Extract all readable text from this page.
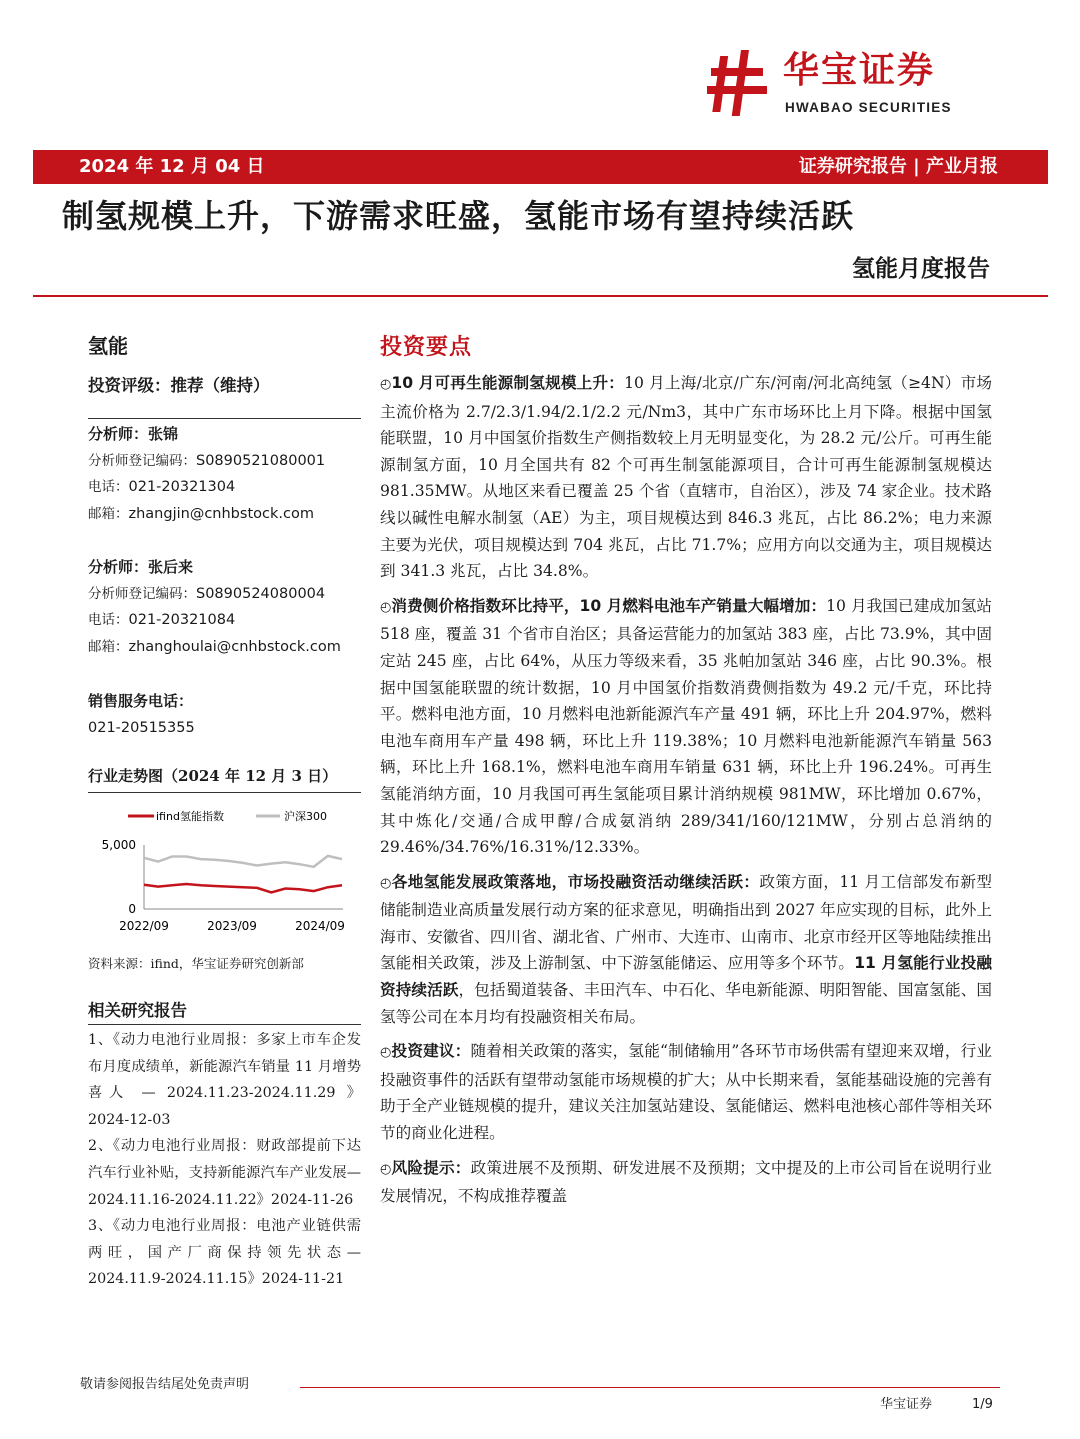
华宝证券
HWABAO SECURITIES
2024 年 12 月 04 日	证券研究报告 | 产业月报
制氢规模上升，下游需求旺盛，氢能市场有望持续活跃
氢能月度报告
氢能
投资评级：推荐（维持）
分析师：张锦
分析师登记编码：S0890521080001
电话：021-20321304
邮箱：zhangjin@cnhbstock.com
分析师：张后来
分析师登记编码：S0890524080004
电话：021-20321084
邮箱：zhanghoulai@cnhbstock.com
销售服务电话：
021-20515355
行业走势图（2024 年 12 月 3 日）
ifind氢能指数	沪深300
5,000
0
2022/09	2023/09	2024/09
资料来源：ifind，华宝证券研究创新部
相关研究报告
1、《动力电池行业周报：多家上市车企发布月度成绩单，新能源汽车销量 11 月增势喜人 — 2024.11.23-2024.11.29 》 2024-12-03
2、《动力电池行业周报：财政部提前下达汽车行业补贴，支持新能源汽车产业发展—2024.11.16-2024.11.22》2024-11-26
3、《动力电池行业周报：电池产业链供需两旺，国产厂商保持领先状态—2024.11.9-2024.11.15》2024-11-21
投资要点

◴10 月可再生能源制氢规模上升：10 月上海/北京/广东/河南/河北高纯氢（≥4N）市场主流价格为 2.7/2.3/1.94/2.1/2.2 元/Nm3，其中广东市场环比上月下降。根据中国氢能联盟，10 月中国氢价指数生产侧指数较上月无明显变化，为 28.2 元/公斤。可再生能源制氢方面，10 月全国共有 82 个可再生制氢能源项目，合计可再生能源制氢规模达 981.35MW。从地区来看已覆盖 25 个省（直辖市，自治区），涉及 74 家企业。技术路线以碱性电解水制氢（AE）为主，项目规模达到 846.3 兆瓦，占比 86.2%；电力来源主要为光伏，项目规模达到 704 兆瓦，占比 71.7%；应用方向以交通为主，项目规模达到 341.3 兆瓦，占比 34.8%。

◴消费侧价格指数环比持平，10 月燃料电池车产销量大幅增加：10 月我国已建成加氢站 518 座，覆盖 31 个省市自治区；具备运营能力的加氢站 383 座，占比 73.9%，其中固定站 245 座，占比 64%，从压力等级来看，35 兆帕加氢站 346 座，占比 90.3%。根据中国氢能联盟的统计数据，10 月中国氢价指数消费侧指数为 49.2 元/千克，环比持平。燃料电池方面，10 月燃料电池新能源汽车产量 491 辆，环比上升 204.97%，燃料电池车商用车产量 498 辆，环比上升 119.38%；10 月燃料电池新能源汽车销量 563 辆，环比上升 168.1%，燃料电池车商用车销量 631 辆，环比上升 196.24%。可再生氢能消纳方面，10 月我国可再生氢能项目累计消纳规模 981MW，环比增加 0.67%，其中炼化/交通/合成甲醇/合成氨消纳 289/341/160/121MW，分别占总消纳的 29.46%/34.76%/16.31%/12.33%。

◴各地氢能发展政策落地，市场投融资活动继续活跃：政策方面，11 月工信部发布新型储能制造业高质量发展行动方案的征求意见，明确指出到 2027 年应实现的目标，此外上海市、安徽省、四川省、湖北省、广州市、大连市、山南市、北京市经开区等地陆续推出氢能相关政策，涉及上游制氢、中下游氢能储运、应用等多个环节。11 月氢能行业投融资持续活跃，包括蜀道装备、丰田汽车、中石化、华电新能源、明阳智能、国富氢能、国氢等公司在本月均有投融资相关布局。

◴投资建议：随着相关政策的落实，氢能“制储输用”各环节市场供需有望迎来双增，行业投融资事件的活跃有望带动氢能市场规模的扩大；从中长期来看，氢能基础设施的完善有助于全产业链规模的提升，建议关注加氢站建设、氢能储运、燃料电池核心部件等相关环节的商业化进程。

◴风险提示：政策进展不及预期、研发进展不及预期；文中提及的上市公司旨在说明行业发展情况，不构成推荐覆盖

敬请参阅报告结尾处免责声明
华宝证券	1/9
